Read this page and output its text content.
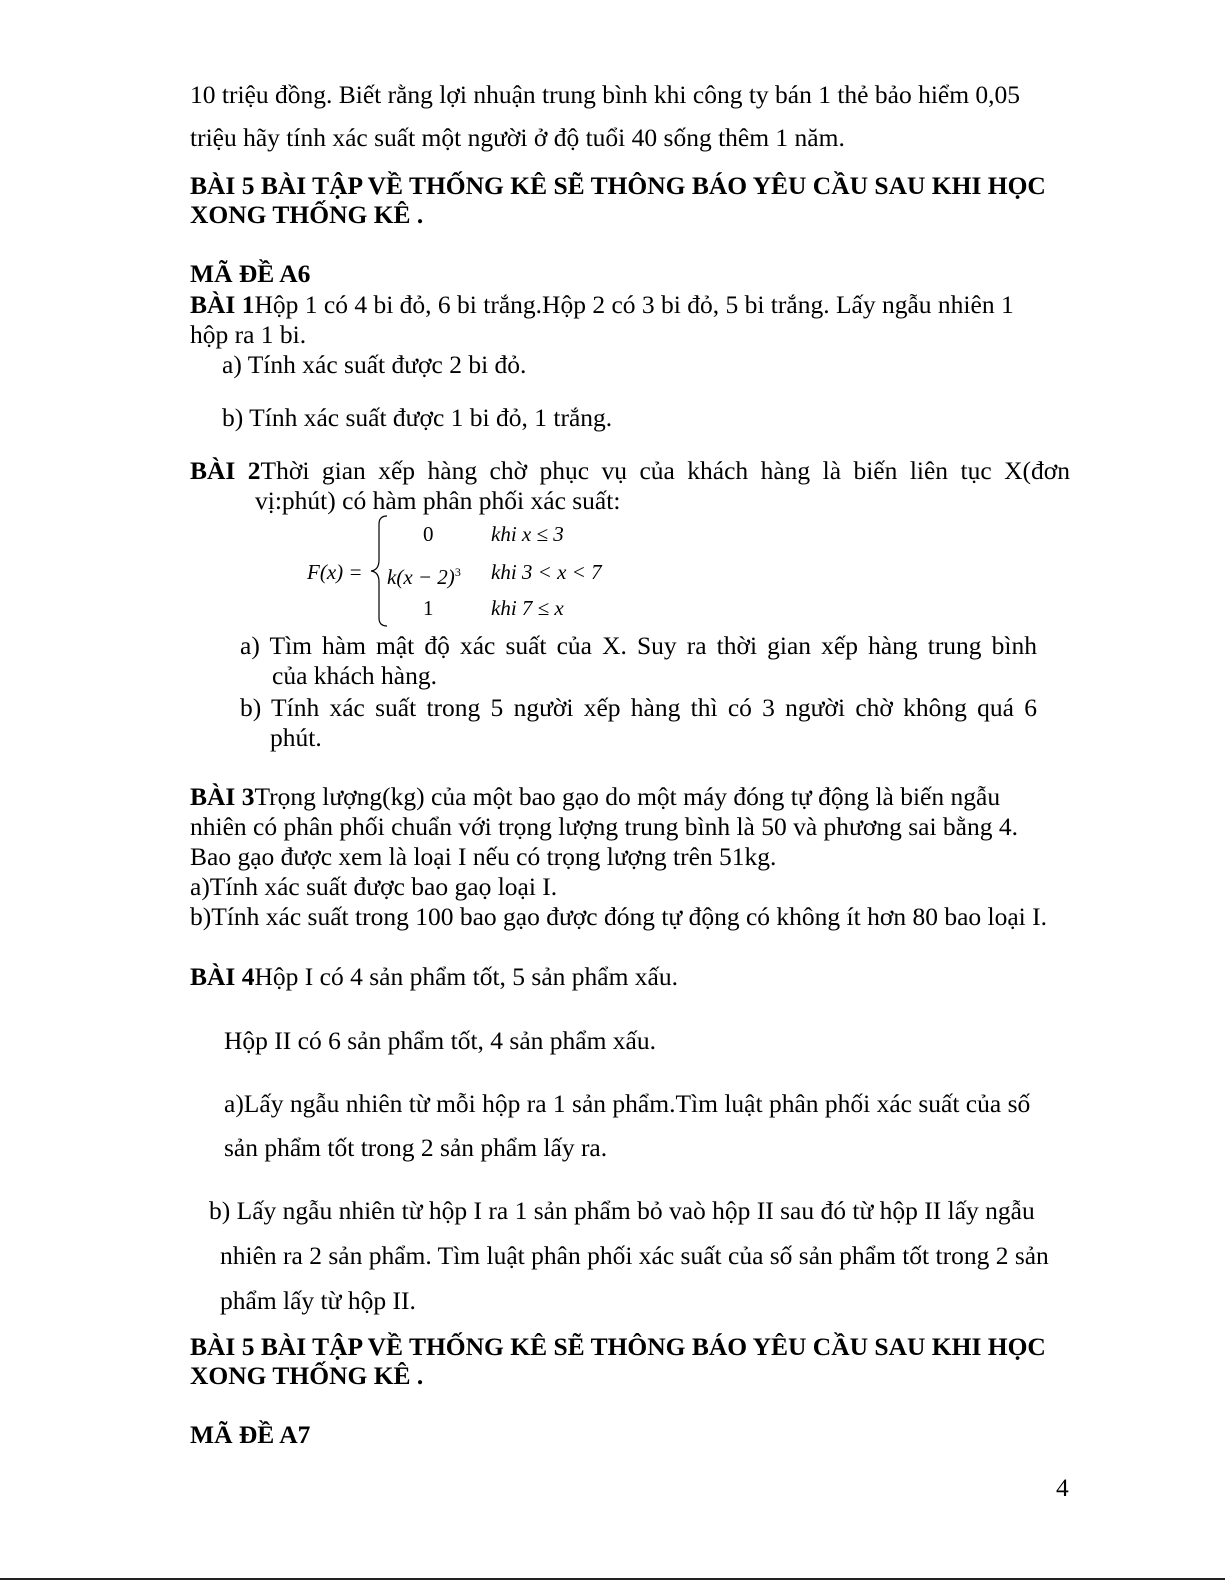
10 triệu đồng. Biết rằng lợi nhuận trung bình khi công ty bán 1 thẻ bảo hiểm 0,05
triệu hãy tính xác suất một người ở độ tuổi 40 sống thêm 1 năm.
BÀI 5 BÀI TẬP VỀ THỐNG KÊ SẼ THÔNG BÁO YÊU CẦU SAU KHI HỌC
XONG THỐNG KÊ .
MÃ ĐỀ A6
BÀI 1Hộp 1 có 4 bi đỏ, 6 bi trắng.Hộp 2 có 3 bi đỏ, 5 bi trắng. Lấy ngẫu nhiên 1
hộp ra 1 bi.
a) Tính xác suất được 2 bi đỏ.
b) Tính xác suất được 1 bi đỏ, 1 trắng.
BÀI 2Thời gian xếp hàng chờ phục vụ của khách hàng là biến liên tục X(đơn
vị:phút) có hàm phân phối xác suất:
F(x) =
0	khi x ≤ 3
$k(x - 2)^3$ khi 3 < x < 7
1	khi 7 ≤ x
a) Tìm hàm mật độ xác suất của X. Suy ra thời gian xếp hàng trung bình
của khách hàng.
b) Tính xác suất trong 5 người xếp hàng thì có 3 người chờ không quá 6
phút.
BÀI 3Trọng lượng(kg) của một bao gạo do một máy đóng tự động là biến ngẫu
nhiên có phân phối chuẩn với trọng lượng trung bình là 50 và phương sai bằng 4.
Bao gạo được xem là loại I nếu có trọng lượng trên 51kg.
a)Tính xác suất được bao gaọ loại I.
b)Tính xác suất trong 100 bao gạo được đóng tự động có không ít hơn 80 bao loại I.
BÀI 4Hộp I có 4 sản phẩm tốt, 5 sản phẩm xấu.
Hộp II có 6 sản phẩm tốt, 4 sản phẩm xấu.
a)Lấy ngẫu nhiên từ mỗi hộp ra 1 sản phẩm.Tìm luật phân phối xác suất của số
sản phẩm tốt trong 2 sản phẩm lấy ra.
b) Lấy ngẫu nhiên từ hộp I ra 1 sản phẩm bỏ vaò hộp II sau đó từ hộp II lấy ngẫu
nhiên ra 2 sản phẩm. Tìm luật phân phối xác suất của số sản phẩm tốt trong 2 sản
phẩm lấy từ hộp II.
BÀI 5 BÀI TẬP VỀ THỐNG KÊ SẼ THÔNG BÁO YÊU CẦU SAU KHI HỌC
XONG THỐNG KÊ .
MÃ ĐỀ A7
4
